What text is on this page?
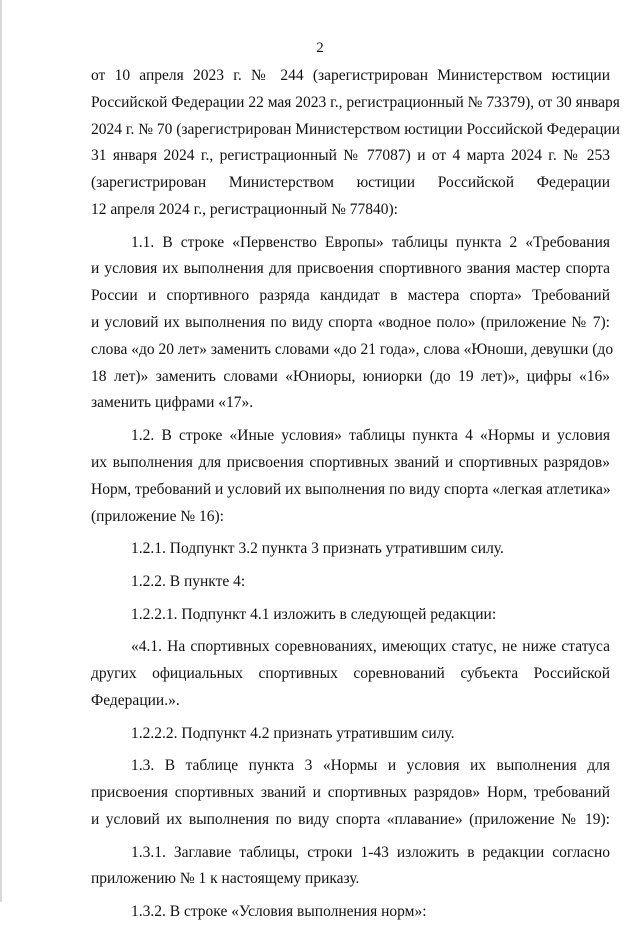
2
от 10 апреля 2023 г. № 244 (зарегистрирован Министерством юстиции
Российской Федерации 22 мая 2023 г., регистрационный № 73379), от 30 января
2024 г. № 70 (зарегистрирован Министерством юстиции Российской Федерации
31 января 2024 г., регистрационный № 77087) и от 4 марта 2024 г. № 253
(зарегистрирован Министерством юстиции Российской Федерации
12 апреля 2024 г., регистрационный № 77840):
1.1. В строке «Первенство Европы» таблицы пункта 2 «Требования
и условия их выполнения для присвоения спортивного звания мастер спорта
России и спортивного разряда кандидат в мастера спорта» Требований
и условий их выполнения по виду спорта «водное поло» (приложение № 7):
слова «до 20 лет» заменить словами «до 21 года», слова «Юноши, девушки (до
18 лет)» заменить словами «Юниоры, юниорки (до 19 лет)», цифры «16»
заменить цифрами «17».
1.2. В строке «Иные условия» таблицы пункта 4 «Нормы и условия
их выполнения для присвоения спортивных званий и спортивных разрядов»
Норм, требований и условий их выполнения по виду спорта «легкая атлетика»
(приложение № 16):
1.2.1. Подпункт 3.2 пункта 3 признать утратившим силу.
1.2.2. В пункте 4:
1.2.2.1. Подпункт 4.1 изложить в следующей редакции:
«4.1. На спортивных соревнованиях, имеющих статус, не ниже статуса
других официальных спортивных соревнований субъекта Российской
Федерации.».
1.2.2.2. Подпункт 4.2 признать утратившим силу.
1.3. В таблице пункта 3 «Нормы и условия их выполнения для
присвоения спортивных званий и спортивных разрядов» Норм, требований
и условий их выполнения по виду спорта «плавание» (приложение № 19):
1.3.1. Заглавие таблицы, строки 1-43 изложить в редакции согласно
приложению № 1 к настоящему приказу.
1.3.2. В строке «Условия выполнения норм»:
